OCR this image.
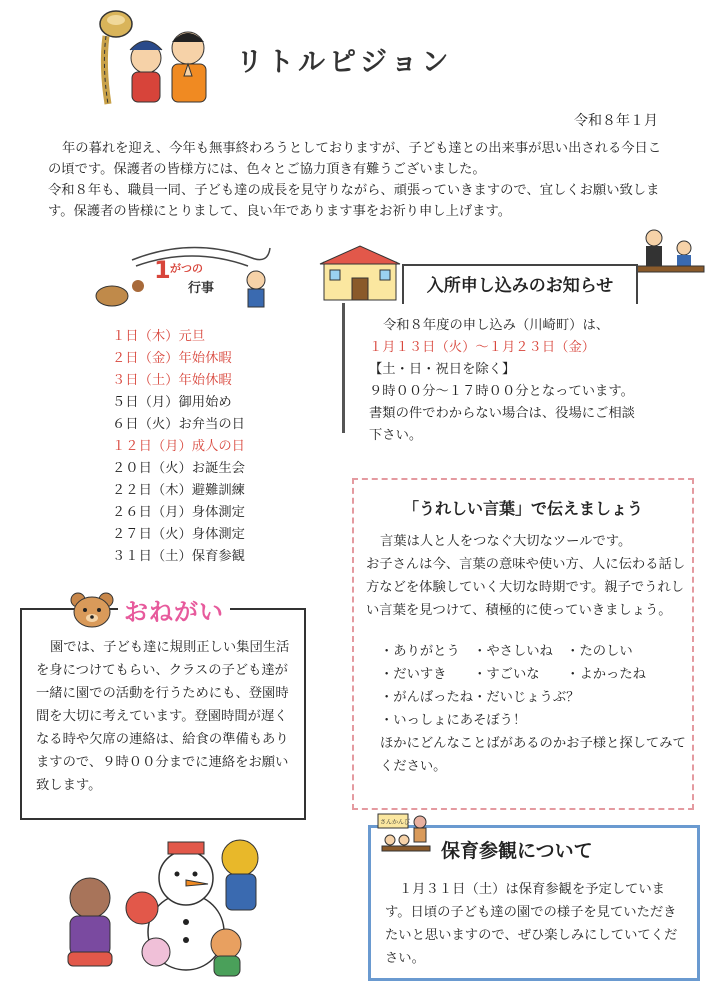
リトルピジョン
令和８年１月

年の暮れを迎え、今年も無事終わろうとしておりますが、子ども達との出来事が思い出される今日この頃です。保護者の皆様方には、色々とご協力頂き有難うございました。

令和８年も、職員一同、子ども達の成長を見守りながら、頑張っていきますので、宜しくお願い致します。保護者の皆様にとりまして、良い年であります事をお祈り申し上げます。

1 がつの
行事
１日（木）元旦
２日（金）年始休暇
３日（土）年始休暇
５日（月）御用始め
６日（火）お弁当の日
１２日（月）成人の日
２０日（火）お誕生会
２２日（木）避難訓練
２６日（月）身体測定
２７日（火）身体測定
３１日（土）保育参観
令和８年度の申し込み（川崎町）は、
１月１３日（火）～１月２３日（金）
【土・日・祝日を除く】
９時００分～１７時００分となっています。
書類の件でわからない場合は、役場にご相談下さい。
入所申し込みのお知らせ
「うれしい言葉」で伝えましょう

言葉は人と人をつなぐ大切なツールです。

お子さんは今、言葉の意味や使い方、人に伝わる話し方などを体験していく大切な時期です。親子でうれしい言葉を見つけて、積極的に使っていきましょう。

・ありがとう　・やさしいね　・たのしい
・だいすき　　・すごいな　　・よかったね
・がんばったね・だいじょうぶ？
・いっしょにあそぼう！

ほかにどんなことばがあるのかお子様と探してみてください。

園では、子ども達に規則正しい集団生活を身につけてもらい、クラスの子ども達が一緒に園での活動を行うためにも、登園時間を大切に考えています。登園時間が遅くなる時や欠席の連絡は、給食の準備もありますので、９時００分までに連絡をお願い致します。
おねがい
保育参観について
１月３１日（土）は保育参観を予定しています。日頃の子ども達の園での様子を見ていただきたいと思いますので、ぜひ楽しみにしていてください。
さんかんび
